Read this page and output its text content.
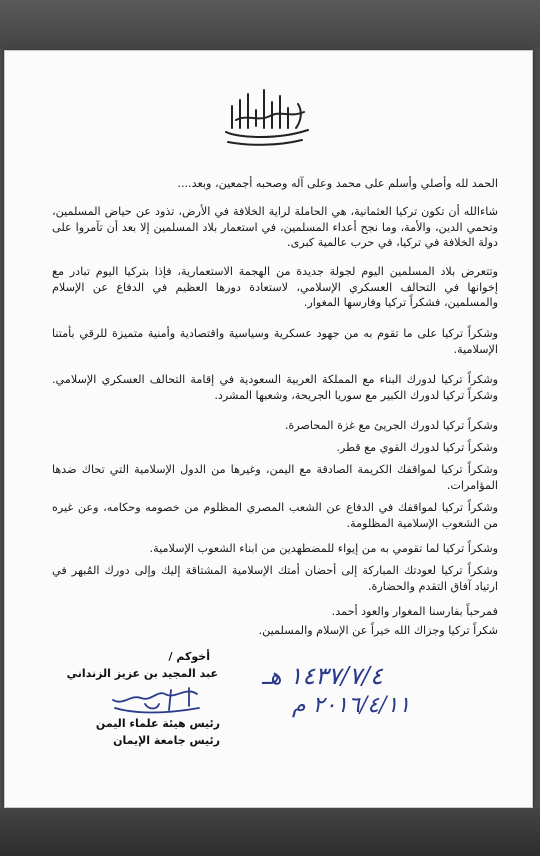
الحمد لله وأصلي وأسلم على محمد وعلى آله وصحبه أجمعين، وبعد....

شاءالله أن تكون تركيا العثمانية، هي الحاملة لراية الخلافة في الأرض، تذود عن حياض المسلمين، وتحمي الدين، والأمة، وما نجح أعداء المسلمين، في استعمار بلاد المسلمين إلا بعد أن تآمروا على دولة الخلافة في تركيا، في حرب عالمية كبرى.

وتتعرض بلاد المسلمين اليوم لجولة جديدة من الهجمة الاستعمارية، فإذا بتركيا اليوم تبادر مع إخوانها في التحالف العسكري الإسلامي، لاستعادة دورها العظيم في الدفاع عن الإسلام والمسلمين، فشكراً تركيا وفارسها المغوار.

وشكراً تركيا على ما تقوم به من جهود عسكرية وسياسية واقتصادية وأمنية متميزة للرقي بأمتنا الإسلامية.

وشكراً تركيا لدورك البناء مع المملكة العربية السعودية في إقامة التحالف العسكري الإسلامي. وشكراً تركيا لدورك الكبير مع سوريا الجريحة، وشعبها المشرد.

وشكراً تركيا لدورك الجريئ مع غزة المحاصرة.

وشكراً تركيا لدورك القوي مع قطر.

وشكراً تركيا لمواقفك الكريمة الصادقة مع اليمن، وغيرها من الدول الإسلامية التي تحاك ضدها المؤامرات.

وشكراً تركيا لمواقفك في الدفاع عن الشعب المصري المظلوم من خصومه وحكامه، وعن غيره من الشعوب الإسلامية المظلومة.

وشكراً تركيا لما تقومي به من إيواء للمضطهدين من ابناء الشعوب الإسلامية.

وشكراً تركيا لعودتك المباركة إلى أحضان أمتك الإسلامية المشتاقة إليك وإلى دورك المُبهر في ارتياد آفاق التقدم والحضارة.

فمرحباً بفارسنا المغوار والعود أحمد.

شكراً تركيا وجزاك الله خيراً عن الإسلام والمسلمين.

أخوكم /

عبد المجيد بن عزيز الزنداني

رئيس هيئة علماء اليمن

رئيس جامعة الإيمان

١٤٣٧/٧/٤ هـ
٢٠١٦/٤/١١ م
